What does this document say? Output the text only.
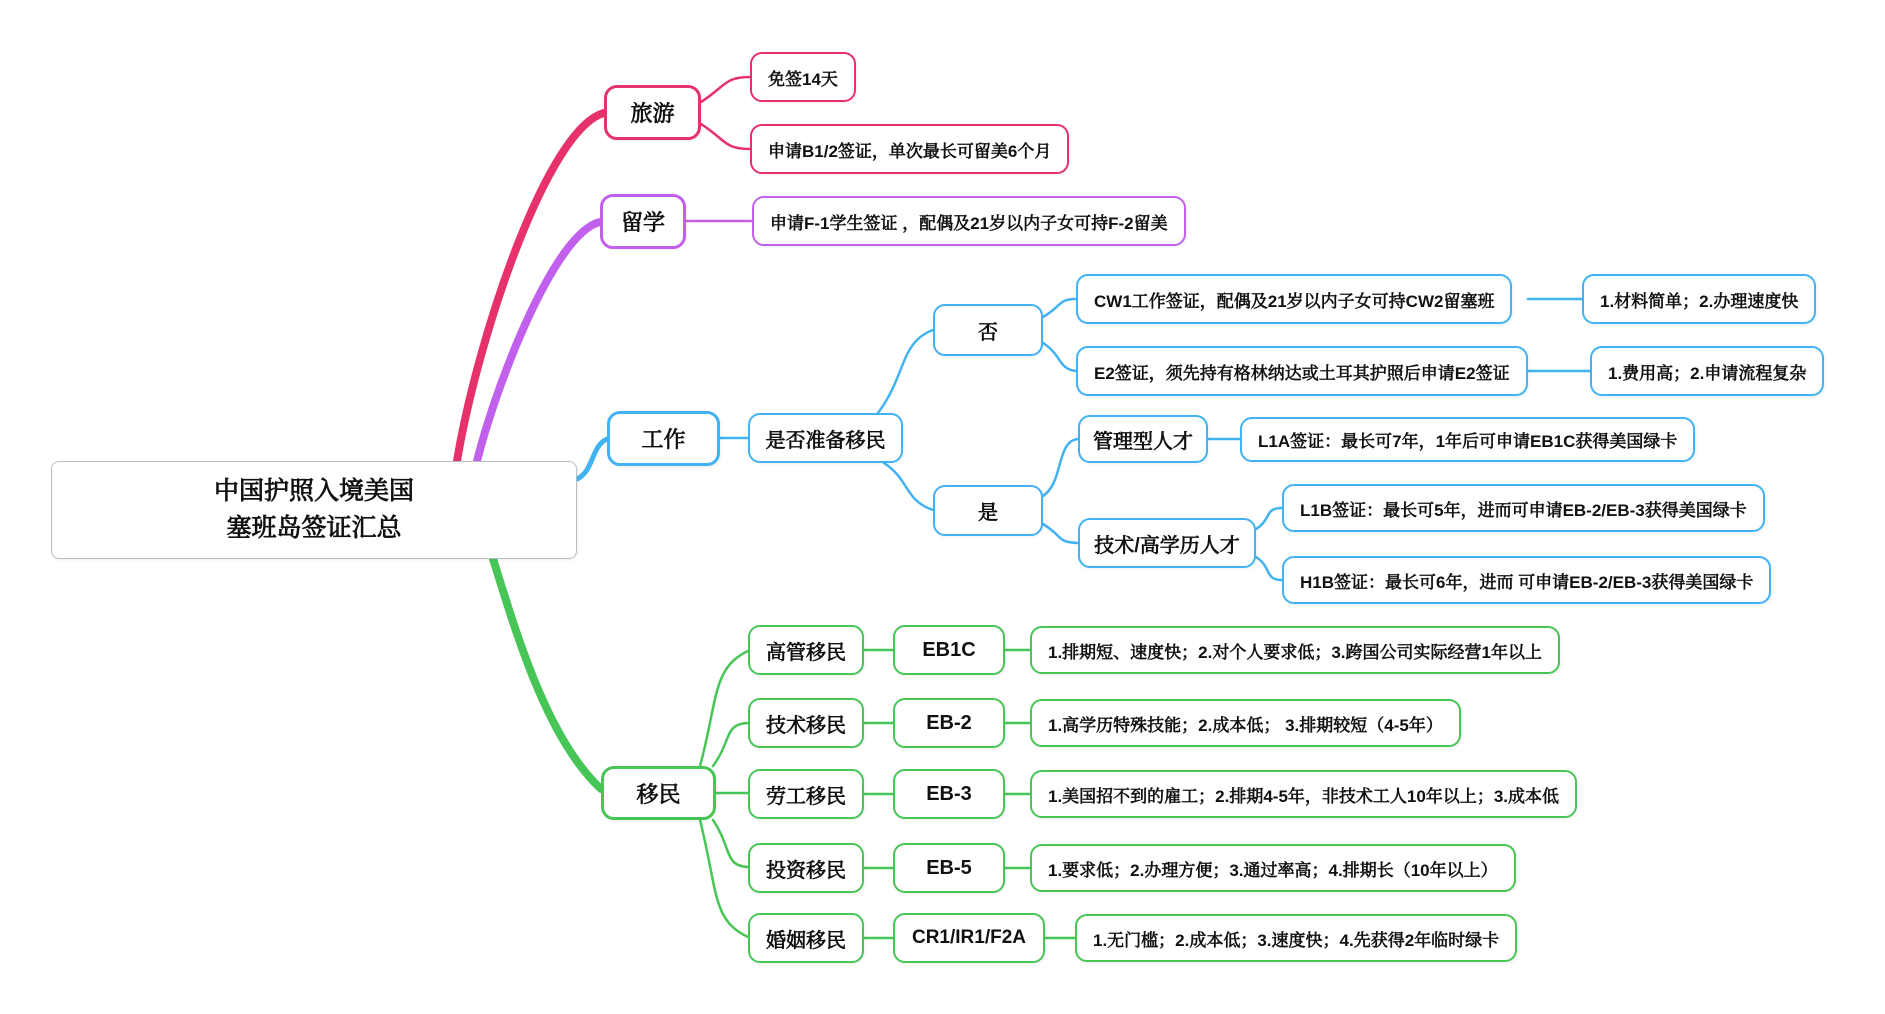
中国护照入境美国
塞班岛签证汇总
旅游
免签14天
申请B1/2签证，单次最长可留美6个月
留学	申请F-1学生签证 ，配偶及21岁以内子女可持F-2留美
工作	是否准备移民
否
是
CW1工作签证，配偶及21岁以内子女可持CW2留塞班
E2签证，须先持有格林纳达或土耳其护照后申请E2签证
1.材料简单；2.办理速度快
1.费用高；2.申请流程复杂
管理型人才	L1A签证：最长可7年，1年后可申请EB1C获得美国绿卡
技术/高学历人才
L1B签证：最长可5年，进而可申请EB-2/EB-3获得美国绿卡
H1B签证：最长可6年，进而 可申请EB-2/EB-3获得美国绿卡
移民
高管移民	EB1C	1.排期短、速度快；2.对个人要求低；3.跨国公司实际经营1年以上
技术移民	EB-2	1.高学历特殊技能；2.成本低； 3.排期较短（4-5年）
劳工移民	EB-3	1.美国招不到的雇工；2.排期4-5年，非技术工人10年以上；3.成本低
投资移民	EB-5	1.要求低；2.办理方便；3.通过率高；4.排期长（10年以上）
婚姻移民	CR1/IR1/F2A	1.无门槛；2.成本低；3.速度快；4.先获得2年临时绿卡
